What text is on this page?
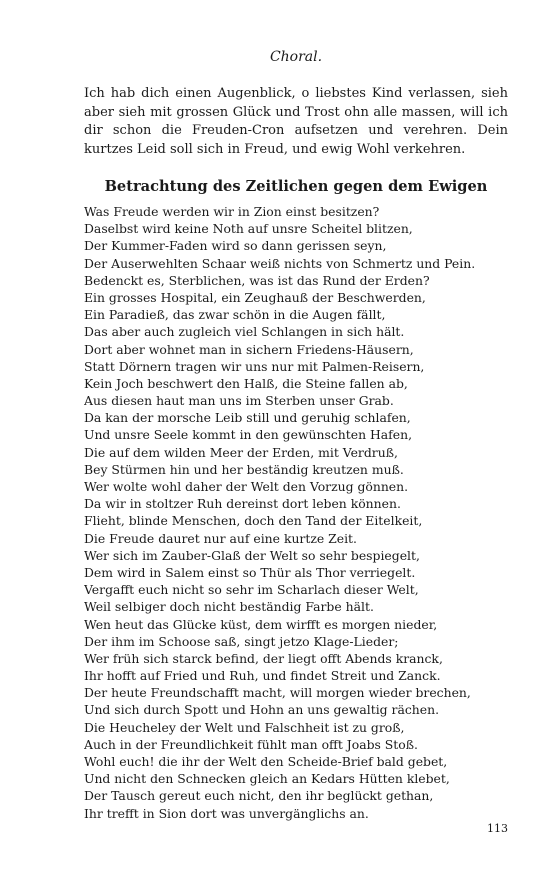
Choral.

Ich hab dich einen Augenblick, o liebstes Kind verlassen, sieh aber sieh mit grossen Glück und Trost ohn alle massen, will ich dir schon die Freuden-Cron aufsetzen und verehren. Dein kurtzes Leid soll sich in Freud, und ewig Wohl verkehren.

Betrachtung des Zeitlichen gegen dem Ewigen
Was Freude werden wir in Zion einst besitzen?
Daselbst wird keine Noth auf unsre Scheitel blitzen,
Der Kummer-Faden wird so dann gerissen seyn,
Der Auserwehlten Schaar weiß nichts von Schmertz und Pein.
Bedenckt es, Sterblichen, was ist das Rund der Erden?
Ein grosses Hospital, ein Zeughauß der Beschwerden,
Ein Paradieß, das zwar schön in die Augen fällt,
Das aber auch zugleich viel Schlangen in sich hält.
Dort aber wohnet man in sichern Friedens-Häusern,
Statt Dörnern tragen wir uns nur mit Palmen-Reisern,
Kein Joch beschwert den Halß, die Steine fallen ab,
Aus diesen haut man uns im Sterben unser Grab.
Da kan der morsche Leib still und geruhig schlafen,
Und unsre Seele kommt in den gewünschten Hafen,
Die auf dem wilden Meer der Erden, mit Verdruß,
Bey Stürmen hin und her beständig kreutzen muß.
Wer wolte wohl daher der Welt den Vorzug gönnen.
Da wir in stoltzer Ruh dereinst dort leben können.
Flieht, blinde Menschen, doch den Tand der Eitelkeit,
Die Freude dauret nur auf eine kurtze Zeit.
Wer sich im Zauber-Glaß der Welt so sehr bespiegelt,
Dem wird in Salem einst so Thür als Thor verriegelt.
Vergafft euch nicht so sehr im Scharlach dieser Welt,
Weil selbiger doch nicht beständig Farbe hält.
Wen heut das Glücke küst, dem wirfft es morgen nieder,
Der ihm im Schoose saß, singt jetzo Klage-Lieder;
Wer früh sich starck befind, der liegt offt Abends kranck,
Ihr hofft auf Fried und Ruh, und findet Streit und Zanck.
Der heute Freundschafft macht, will morgen wieder brechen,
Und sich durch Spott und Hohn an uns gewaltig rächen.
Die Heucheley der Welt und Falschheit ist zu groß,
Auch in der Freundlichkeit fühlt man offt Joabs Stoß.
Wohl euch! die ihr der Welt den Scheide-Brief bald gebet,
Und nicht den Schnecken gleich an Kedars Hütten klebet,
Der Tausch gereut euch nicht, den ihr beglückt gethan,
Ihr trefft in Sion dort was unvergänglichs an.
113
